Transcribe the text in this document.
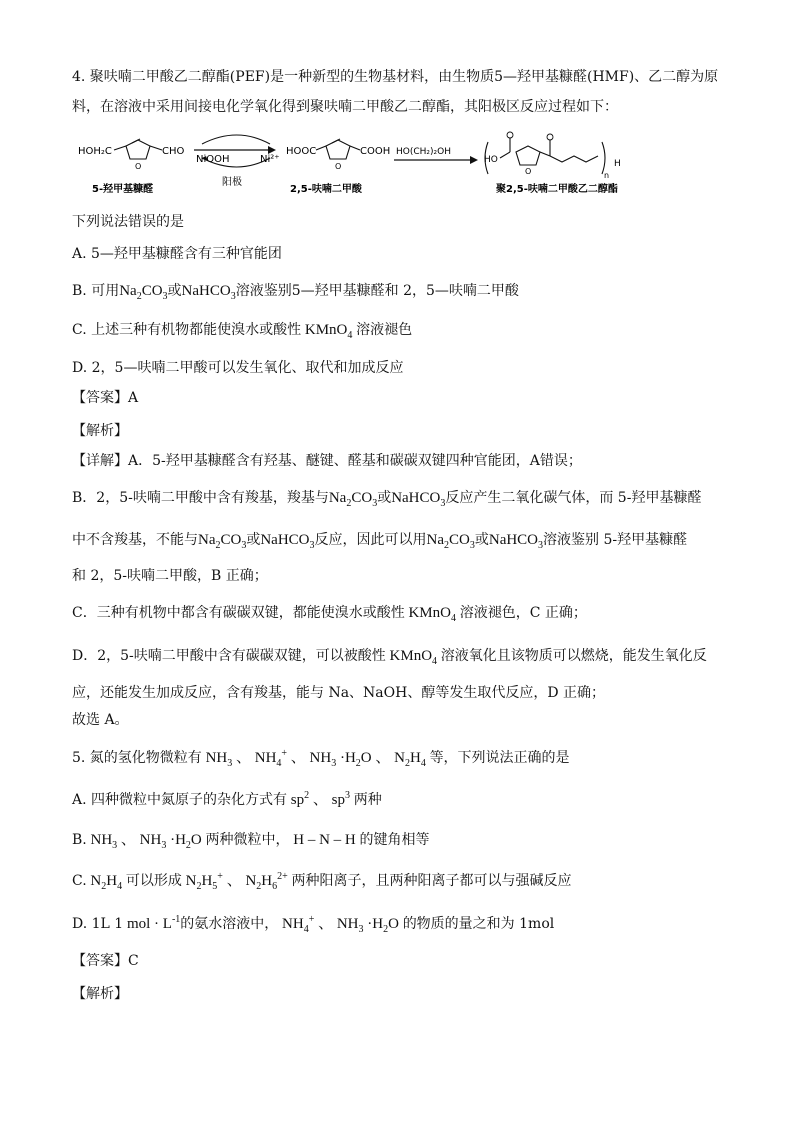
4. 聚呋喃二甲酸乙二醇酯(PEF)是一种新型的生物基材料，由生物质5—羟甲基糠醛(HMF)、乙二醇为原
料，在溶液中采用间接电化学氧化得到聚呋喃二甲酸乙二醇酯，其阳极区反应过程如下：
HOH₂C
O
CHO
5-羟甲基糠醛
NiOOH	Ni²⁺
阳极
HOOC
O
COOH
2,5-呋喃二甲酸
HO(CH₂)₂OH
HO
O	n
H
聚2,5-呋喃二甲酸乙二醇酯
下列说法错误的是
A. 5—羟甲基糠醛含有三种官能团
B. 可用$Na_2CO_3$或NaHCO$_3$溶液鉴别5—羟甲基糠醛和 2，5—呋喃二甲酸
C. 上述三种有机物都能使溴水或酸性 KMnO$_4$ 溶液褪色
D. 2，5—呋喃二甲酸可以发生氧化、取代和加成反应
【答案】A
【解析】
【详解】A．5-羟甲基糠醛含有羟基、醚键、醛基和碳碳双键四种官能团，A错误；
B．2，5-呋喃二甲酸中含有羧基，羧基与$Na_2CO_3$或NaHCO$_3$反应产生二氧化碳气体，而 5-羟甲基糠醛
中不含羧基，不能与$Na_2CO_3$或NaHCO$_3$反应，因此可以用$Na_2CO_3$或NaHCO$_3$溶液鉴别 5-羟甲基糠醛
和 2，5-呋喃二甲酸，B 正确；
C．三种有机物中都含有碳碳双键，都能使溴水或酸性 KMnO$_4$ 溶液褪色，C 正确；
D．2，5-呋喃二甲酸中含有碳碳双键，可以被酸性 KMnO$_4$ 溶液氧化且该物质可以燃烧，能发生氧化反
应，还能发生加成反应，含有羧基，能与 Na、NaOH、醇等发生取代反应，D 正确；
故选 A。
5. 氮的氢化物微粒有 $NH_3$ 、 $NH_4^+$ 、 $NH_3 \cdot H_2O$ 、 $N_2H_4$ 等，下列说法正确的是
A. 四种微粒中氮原子的杂化方式有 $sp^2$ 、 $sp^3$ 两种
B. $NH_3$ 、 $NH_3 \cdot H_2O$ 两种微粒中， H – N – H 的键角相等
C. $N_2H_4$ 可以形成 $N_2H_5^+$ 、 $N_2H_6^{2+}$ 两种阳离子，且两种阳离子都可以与强碱反应
D. 1L 1 mol · $L^{-1}$的氨水溶液中， $NH_4^+$ 、 $NH_3 \cdot H_2O$ 的物质的量之和为 1mol
【答案】C
【解析】
